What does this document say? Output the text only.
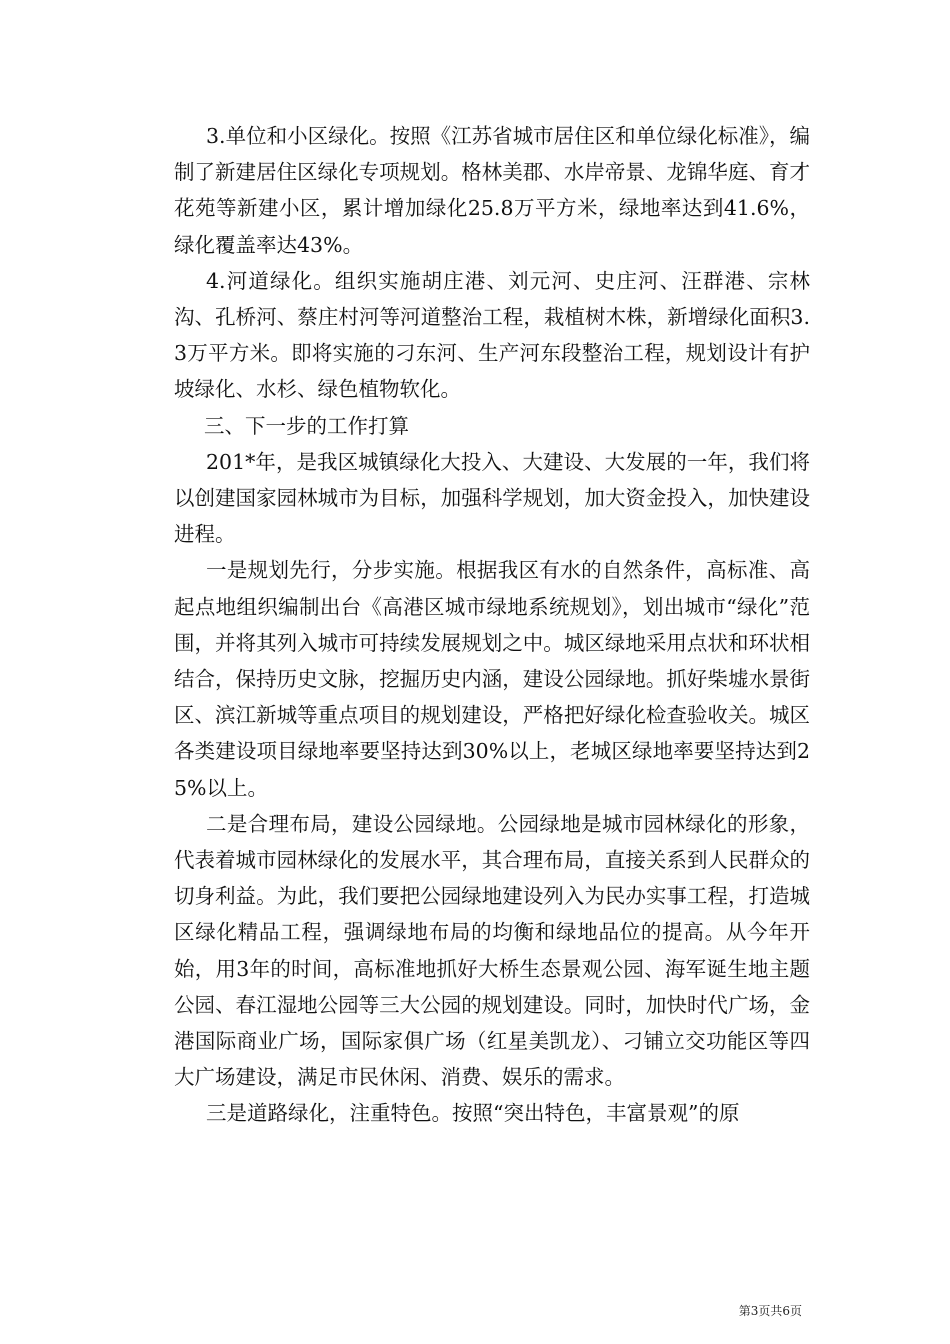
3.单位和小区绿化。按照《江苏省城市居住区和单位绿化标准》，编制了新建居住区绿化专项规划。格林美郡、水岸帝景、龙锦华庭、育才花苑等新建小区，累计增加绿化25.8万平方米，绿地率达到41.6%，绿化覆盖率达43%。

4.河道绿化。组织实施胡庄港、刘元河、史庄河、汪群港、宗林沟、孔桥河、蔡庄村河等河道整治工程，栽植树木株，新增绿化面积3.3万平方米。即将实施的刁东河、生产河东段整治工程，规划设计有护坡绿化、水杉、绿色植物软化。

三、下一步的工作打算

201*年，是我区城镇绿化大投入、大建设、大发展的一年，我们将以创建国家园林城市为目标，加强科学规划，加大资金投入，加快建设进程。

一是规划先行，分步实施。根据我区有水的自然条件，高标准、高起点地组织编制出台《高港区城市绿地系统规划》，划出城市“绿化”范围，并将其列入城市可持续发展规划之中。城区绿地采用点状和环状相结合，保持历史文脉，挖掘历史内涵，建设公园绿地。抓好柴墟水景街区、滨江新城等重点项目的规划建设，严格把好绿化检查验收关。城区各类建设项目绿地率要坚持达到30%以上，老城区绿地率要坚持达到25%以上。

二是合理布局，建设公园绿地。公园绿地是城市园林绿化的形象，代表着城市园林绿化的发展水平，其合理布局，直接关系到人民群众的切身利益。为此，我们要把公园绿地建设列入为民办实事工程，打造城区绿化精品工程，强调绿地布局的均衡和绿地品位的提高。从今年开始，用3年的时间，高标准地抓好大桥生态景观公园、海军诞生地主题公园、春江湿地公园等三大公园的规划建设。同时，加快时代广场，金港国际商业广场，国际家俱广场（红星美凯龙）、刁铺立交功能区等四大广场建设，满足市民休闲、消费、娱乐的需求。

三是道路绿化，注重特色。按照“突出特色，丰富景观”的原

第3页共6页
